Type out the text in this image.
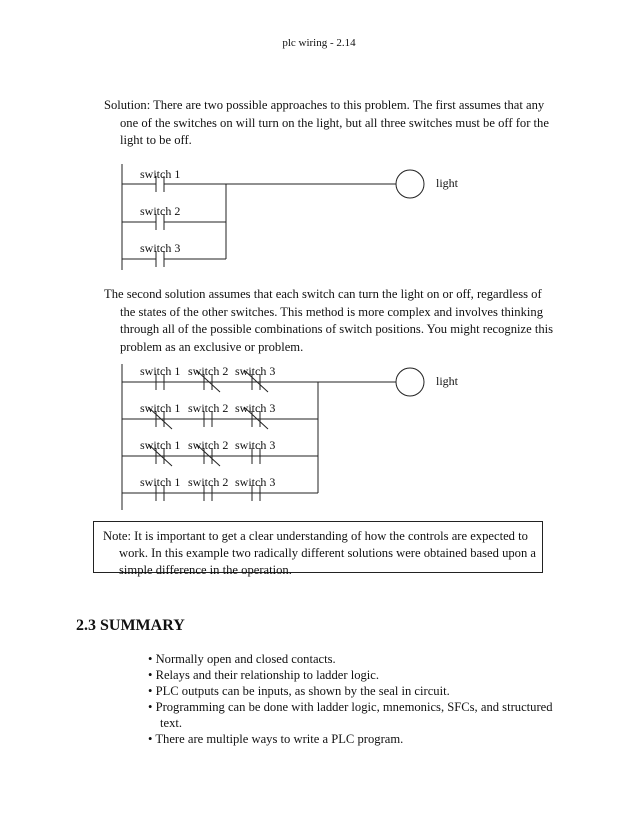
plc wiring - 2.14
Solution: There are two possible approaches to this problem. The first assumes that any
one of the switches on will turn on the light, but all three switches must be off for the light to be off.
switch 1
light
switch 2
switch 3
The second solution assumes that each switch can turn the light on or off, regardless of
the states of the other switches. This method is more complex and involves thinking through all of the possible combinations of switch positions. You might recognize this problem as an exclusive or problem.
light
switch 1 switch 2 switch 3
switch 1 switch 2 switch 3
switch 1 switch 2 switch 3
switch 1 switch 2 switch 3
Note: It is important to get a clear understanding of how the controls are expected to
work. In this example two radically different solutions were obtained based upon a simple difference in the operation.
2.3 SUMMARY
• Normally open and closed contacts.
• Relays and their relationship to ladder logic.
• PLC outputs can be inputs, as shown by the seal in circuit.
• Programming can be done with ladder logic, mnemonics, SFCs, and structured text.
• There are multiple ways to write a PLC program.
